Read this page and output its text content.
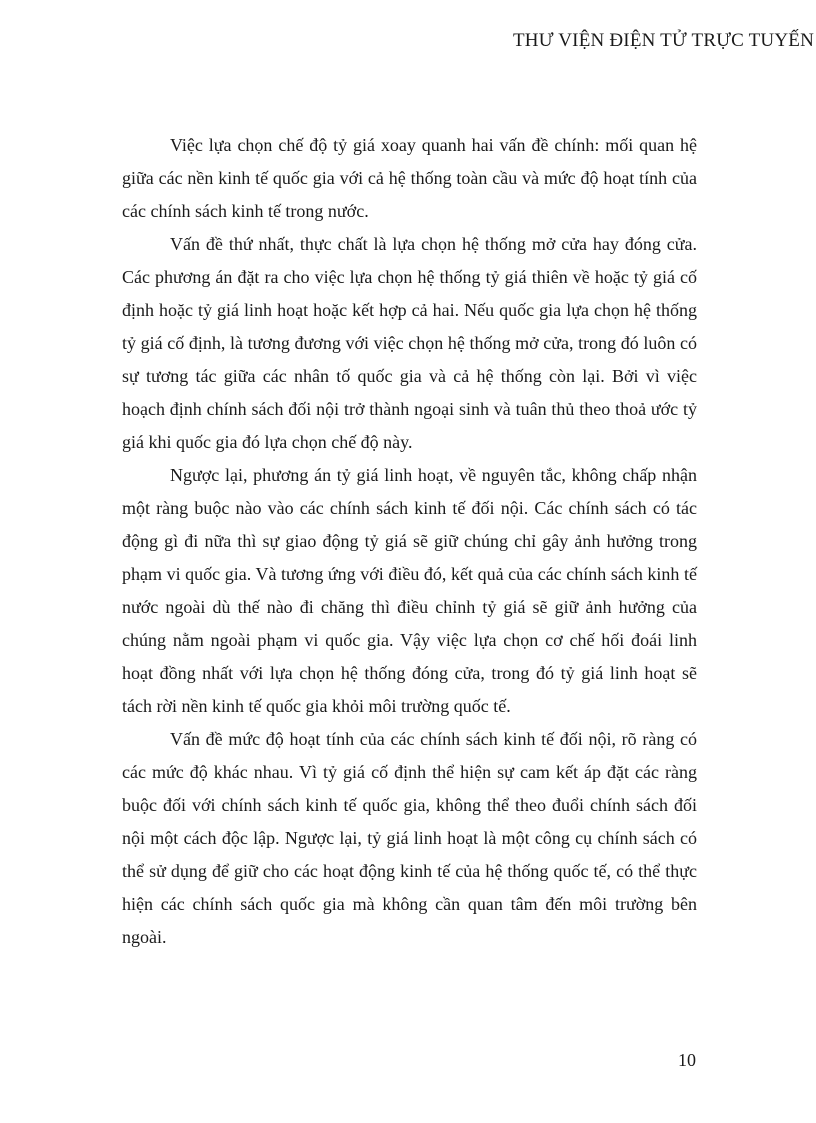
THƯ VIỆN ĐIỆN TỬ TRỰC TUYẾN

Việc lựa chọn chế độ tỷ giá xoay quanh hai vấn đề chính: mối quan hệ giữa các nền kinh tế quốc gia với cả hệ thống toàn cầu và mức độ hoạt tính của các chính sách kinh tế trong nước.

Vấn đề thứ nhất, thực chất là lựa chọn hệ thống mở cửa hay đóng cửa. Các phương án đặt ra cho việc lựa chọn hệ thống tỷ giá thiên về hoặc tỷ giá cố định hoặc tỷ giá linh hoạt hoặc kết hợp cả hai. Nếu quốc gia lựa chọn hệ thống tỷ giá cố định, là tương đương với việc chọn hệ thống mở cửa, trong đó luôn có sự tương tác giữa các nhân tố quốc gia và cả hệ thống còn lại. Bởi vì việc hoạch định chính sách đối nội trở thành ngoại sinh và tuân thủ theo thoả ước tỷ giá khi quốc gia đó lựa chọn chế độ này.

Ngược lại, phương án tỷ giá linh hoạt, về nguyên tắc, không chấp nhận một ràng buộc nào vào các chính sách kinh tế đối nội. Các chính sách có tác động gì đi nữa thì sự giao động tỷ giá sẽ giữ chúng chỉ gây ảnh hưởng trong phạm vi quốc gia. Và tương ứng với điều đó, kết quả của các chính sách kinh tế nước ngoài dù thế nào đi chăng thì điều chỉnh tỷ giá sẽ giữ ảnh hưởng của chúng nằm ngoài phạm vi quốc gia. Vậy việc lựa chọn cơ chế hối đoái linh hoạt đồng nhất với lựa chọn hệ thống đóng cửa, trong đó tỷ giá linh hoạt sẽ tách rời nền kinh tế quốc gia khỏi môi trường quốc tế.

Vấn đề mức độ hoạt tính của các chính sách kinh tế đối nội, rõ ràng có các mức độ khác nhau. Vì tỷ giá cố định thể hiện sự cam kết áp đặt các ràng buộc đối với chính sách kinh tế quốc gia, không thể theo đuổi chính sách đối nội một cách độc lập. Ngược lại, tỷ giá linh hoạt là một công cụ chính sách có thể sử dụng để giữ cho các hoạt động kinh tế của hệ thống quốc tế, có thể thực hiện các chính sách quốc gia mà không cần quan tâm đến môi trường bên ngoài.

10
